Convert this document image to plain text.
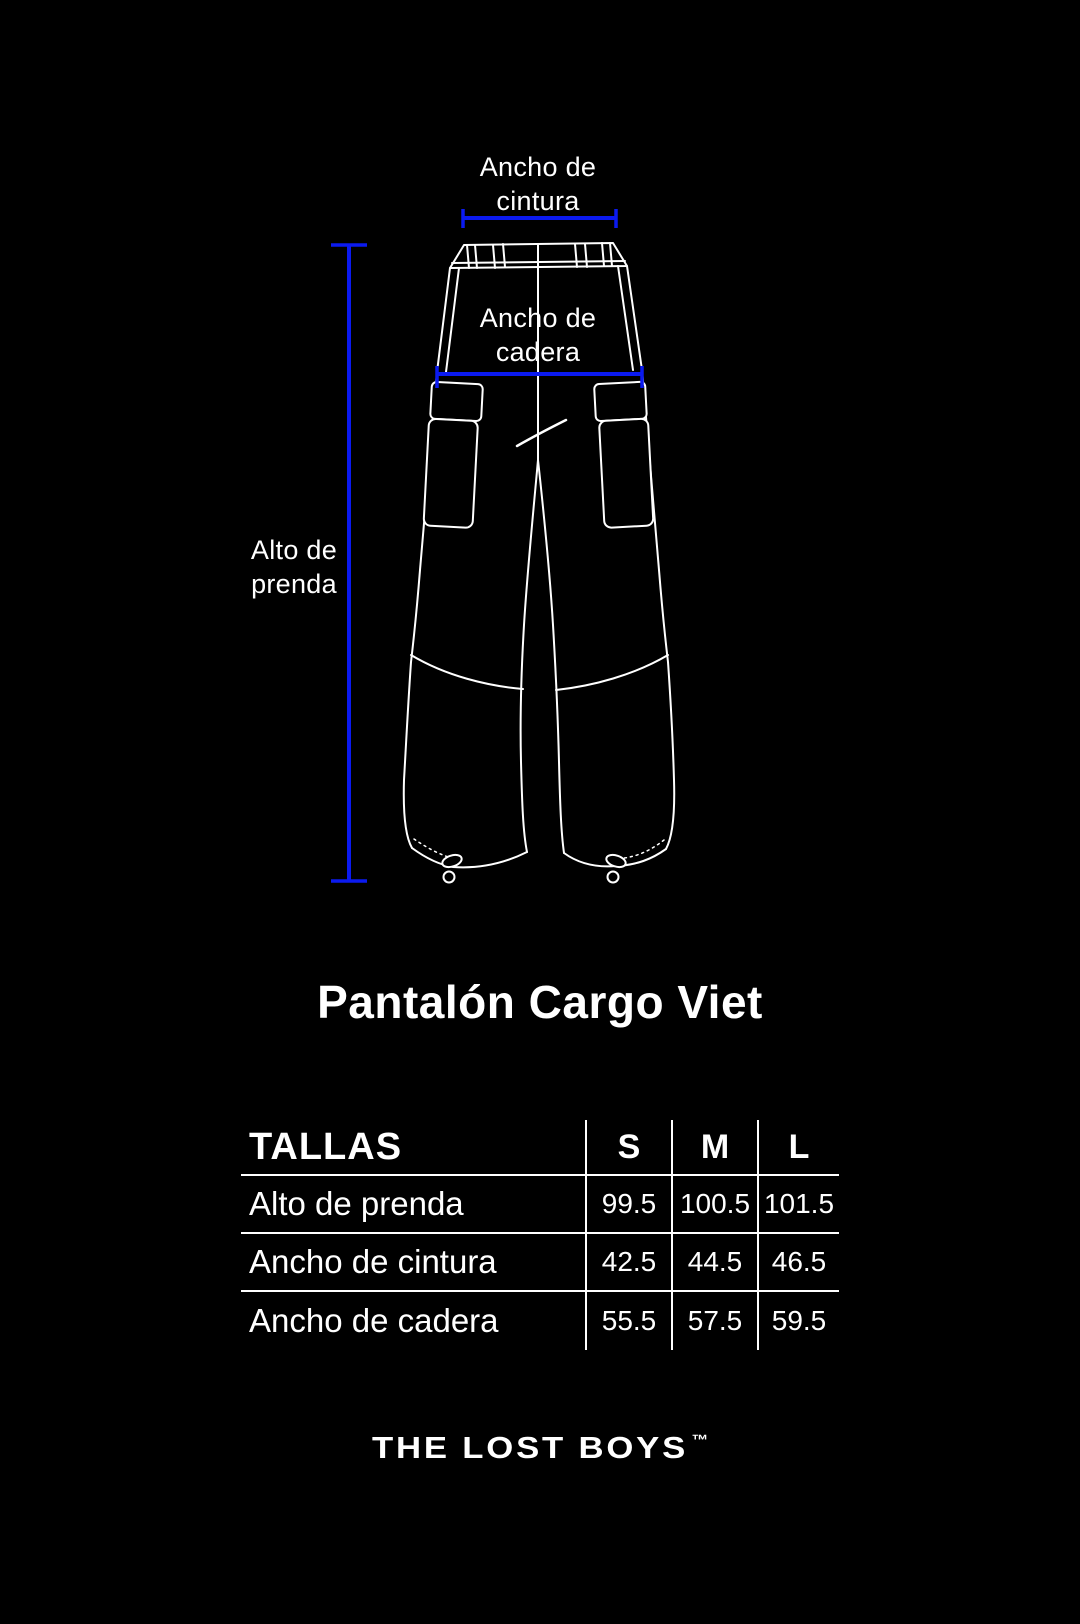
Ancho de
cintura
Ancho de
cadera
Alto de
prenda
Pantalón Cargo Viet
TALLAS	S	M	L
Alto de prenda	99.5 100.5 101.5
Ancho de cintura	42.5	44.5	46.5
Ancho de cadera	55.5	57.5	59.5
THE LOST BOYS ™
